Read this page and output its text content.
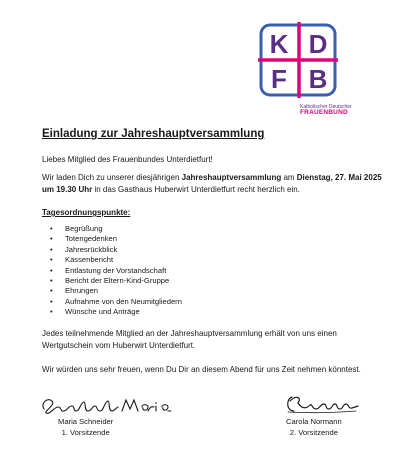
K D
F B
Katholischer Deutscher
FRAUENBUND
Einladung zur Jahreshauptversammlung
Liebes Mitglied des Frauenbundes Unterdietfurt!
Wir laden Dich zu unserer diesjährigen Jahreshauptversammlung am Dienstag, 27. Mai 2025
um 19.30 Uhr in das Gasthaus Huberwirt Unterdietfurt recht herzlich ein.
Tagesordnungspunkte:
• Begrüßung
• Totengedenken
• Jahresrückblick
• Kassenbericht
• Entlastung der Vorstandschaft
• Bericht der Eltern-Kind-Gruppe
• Ehrungen
• Aufnahme von den Neumitgliedern
• Wünsche und Anträge
Jedes teilnehmende Mitglied an der Jahreshauptversammlung erhält von uns einen
Wertgutschein vom Huberwirt Unterdietfurt.
Wir würden uns sehr freuen, wenn Du Dir an diesem Abend für uns Zeit nehmen könntest.
Maria Schneider
1. Vorsitzende
Carola Normann
2. Vorsitzende
